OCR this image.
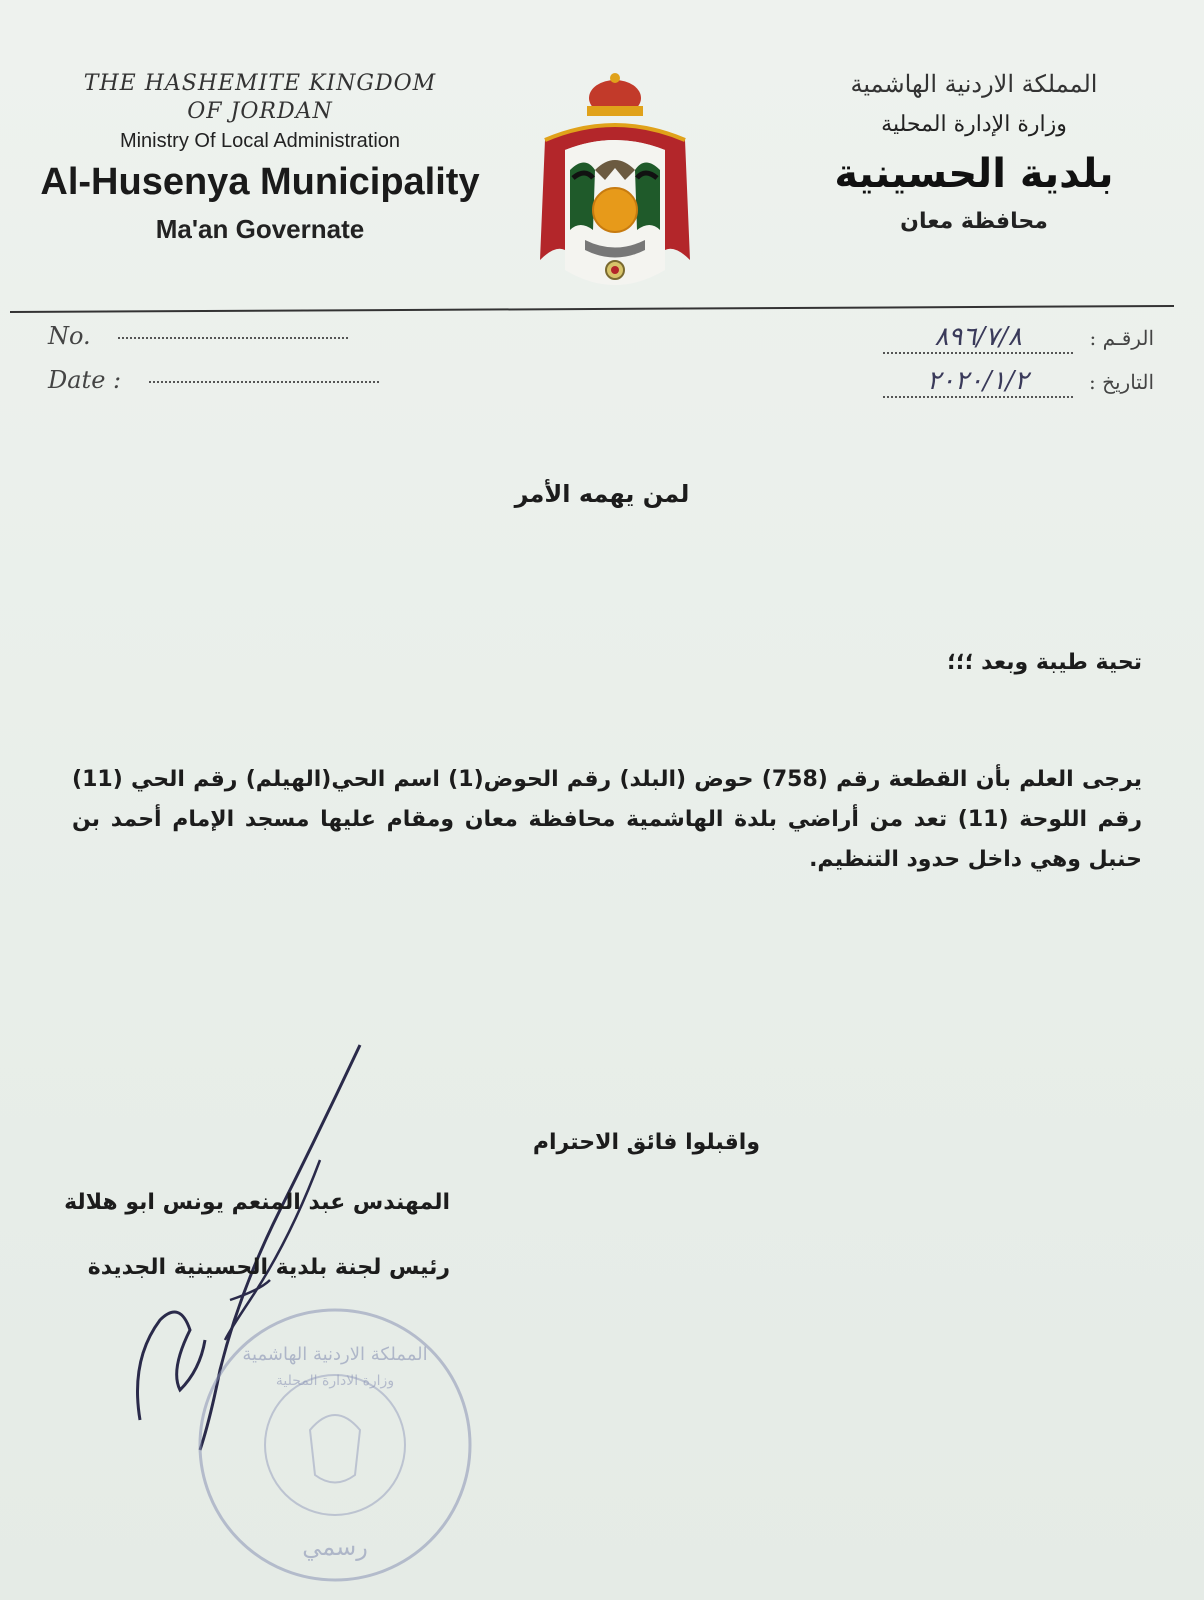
THE HASHEMITE KINGDOM
OF JORDAN
Ministry Of Local Administration
Al-Husenya Municipality
Ma'an Governate
المملكة الاردنية الهاشمية
وزارة الإدارة المحلية
بلدية الحسينية
محافظة معان
No.
Date :
الرقـم : ٨٩٦/٧/٨
التاريخ : ٢٠٢٠/١/٢
لمن يهمه الأمر
تحية طيبة وبعد ؛؛؛
يرجى العلم بأن القطعة رقم (758) حوض (البلد) رقم الحوض(1) اسم الحي(الهيلم) رقم الحي (11) رقم اللوحة (11) تعد من أراضي بلدة الهاشمية محافظة معان ومقام عليها مسجد الإمام أحمد بن حنبل وهي داخل حدود التنظيم.
واقبلوا فائق الاحترام
المهندس عبد المنعم يونس ابو هلالة
رئيس لجنة بلدية الحسينية الجديدة
المملكة الاردنية الهاشمية
وزارة الادارة المحلية
رسمي
